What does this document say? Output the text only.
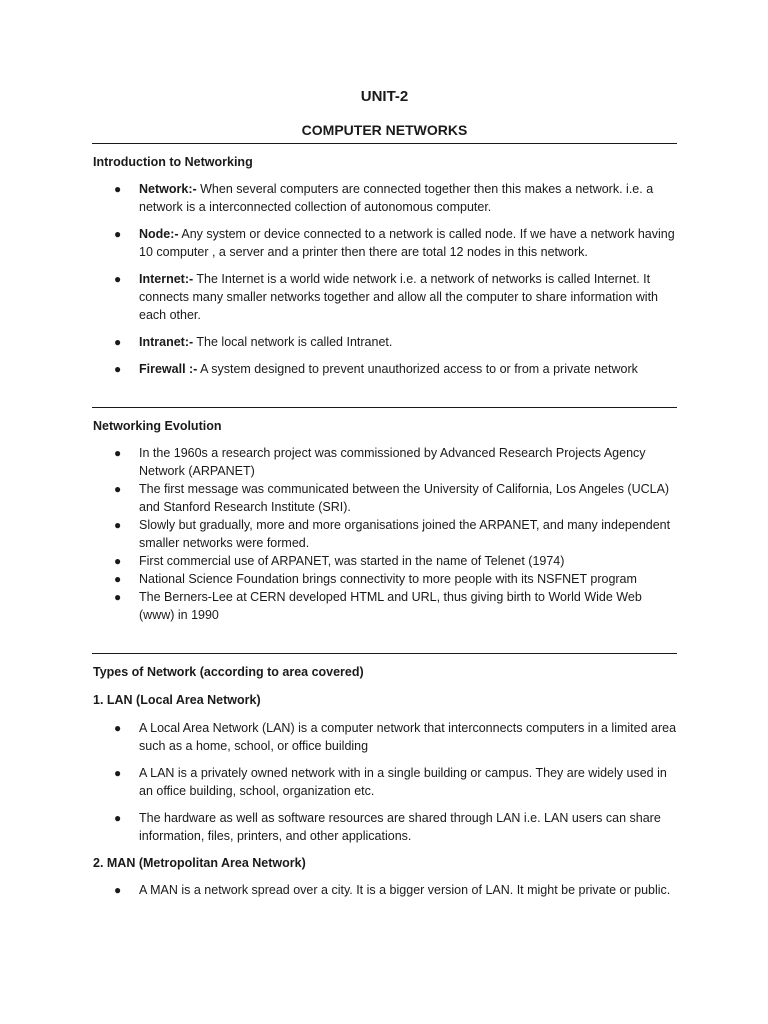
UNIT-2
COMPUTER NETWORKS
Introduction to Networking
● Network:- When several computers are connected together then this makes a network. i.e. a network is a interconnected collection of autonomous computer.
● Node:- Any system or device connected to a network is called node. If we have a network having 10 computer , a server and a printer then there are total 12 nodes in this network.
● Internet:- The Internet is a world wide network i.e. a network of networks is called Internet. It connects many smaller networks together and allow all the computer to share information with each other.
● Intranet:- The local network is called Intranet.
● Firewall :- A system designed to prevent unauthorized access to or from a private network
Networking Evolution
● In the 1960s a research project was commissioned by Advanced Research Projects Agency Network (ARPANET)
● The first message was communicated between the University of California, Los Angeles (UCLA) and Stanford Research Institute (SRI).
● Slowly but gradually, more and more organisations joined the ARPANET, and many independent smaller networks were formed.
● First commercial use of ARPANET, was started in the name of Telenet (1974)
● National Science Foundation brings connectivity to more people with its NSFNET program
● The Berners-Lee at CERN developed HTML and URL, thus giving birth to World Wide Web (www) in 1990
Types of Network (according to area covered)
1. LAN (Local Area Network)
● A Local Area Network (LAN) is a computer network that interconnects computers in a limited area such as a home, school, or office building
● A LAN is a privately owned network with in a single building or campus. They are widely used in an office building, school, organization etc.
● The hardware as well as software resources are shared through LAN i.e. LAN users can share information, files, printers, and other applications.
2. MAN (Metropolitan Area Network)
● A MAN is a network spread over a city. It is a bigger version of LAN. It might be private or public.
